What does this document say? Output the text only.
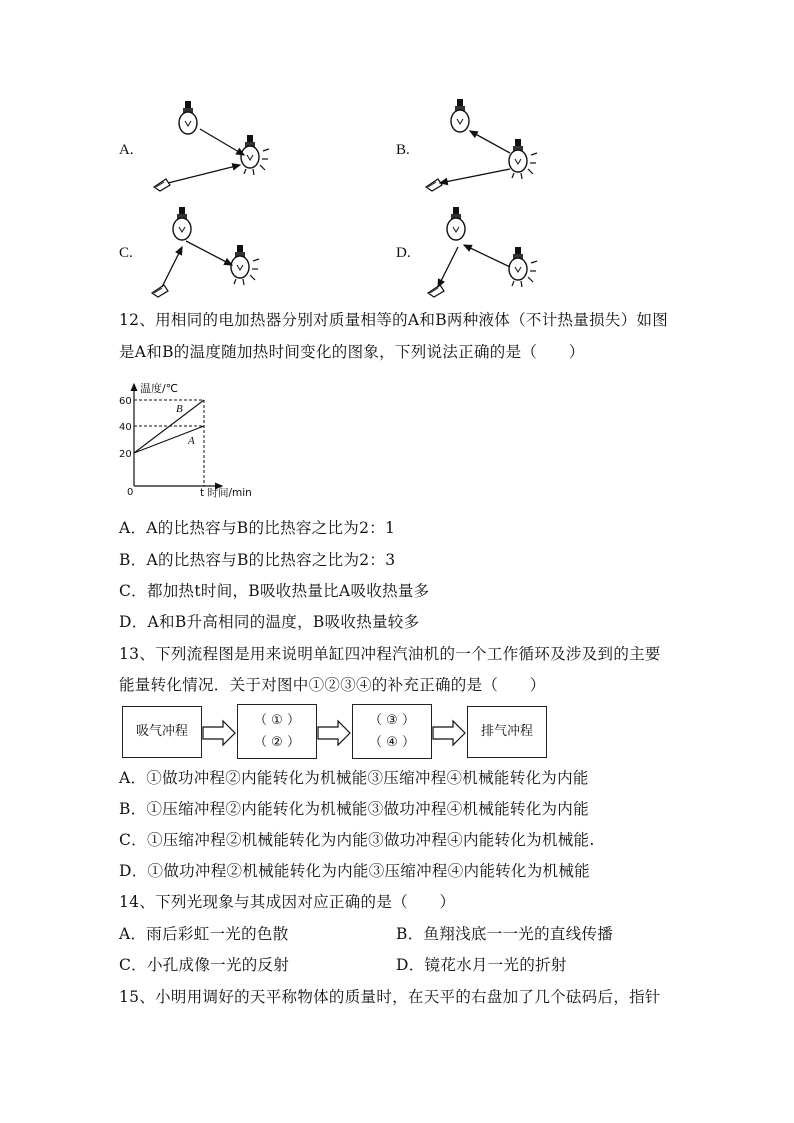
A.	B.
C.	D.
12、用相同的电加热器分别对质量相等的A和B两种液体（不计热量损失）如图
是A和B的温度随加热时间变化的图象，下列说法正确的是（　　）
温度/℃
60
40
20
0	t 时间/min
B
A
A．A的比热容与B的比热容之比为2：1
B．A的比热容与B的比热容之比为2：3
C．都加热t时间，B吸收热量比A吸收热量多
D．A和B升高相同的温度，B吸收热量较多
13、下列流程图是用来说明单缸四冲程汽油机的一个工作循环及涉及到的主要
能量转化情况．关于对图中①②③④的补充正确的是（　　）
吸气冲程
（ ① ）
（ ② ）
（ ③ ）
（ ④ ）
排气冲程
A．①做功冲程②内能转化为机械能③压缩冲程④机械能转化为内能
B．①压缩冲程②内能转化为机械能③做功冲程④机械能转化为内能
C．①压缩冲程②机械能转化为内能③做功冲程④内能转化为机械能.
D．①做功冲程②机械能转化为内能③压缩冲程④内能转化为机械能
14、下列光现象与其成因对应正确的是（　　）
A．雨后彩虹一光的色散	B．鱼翔浅底一一光的直线传播
C．小孔成像一光的反射	D．镜花水月一光的折射
15、小明用调好的天平称物体的质量时，在天平的右盘加了几个砝码后，指针
